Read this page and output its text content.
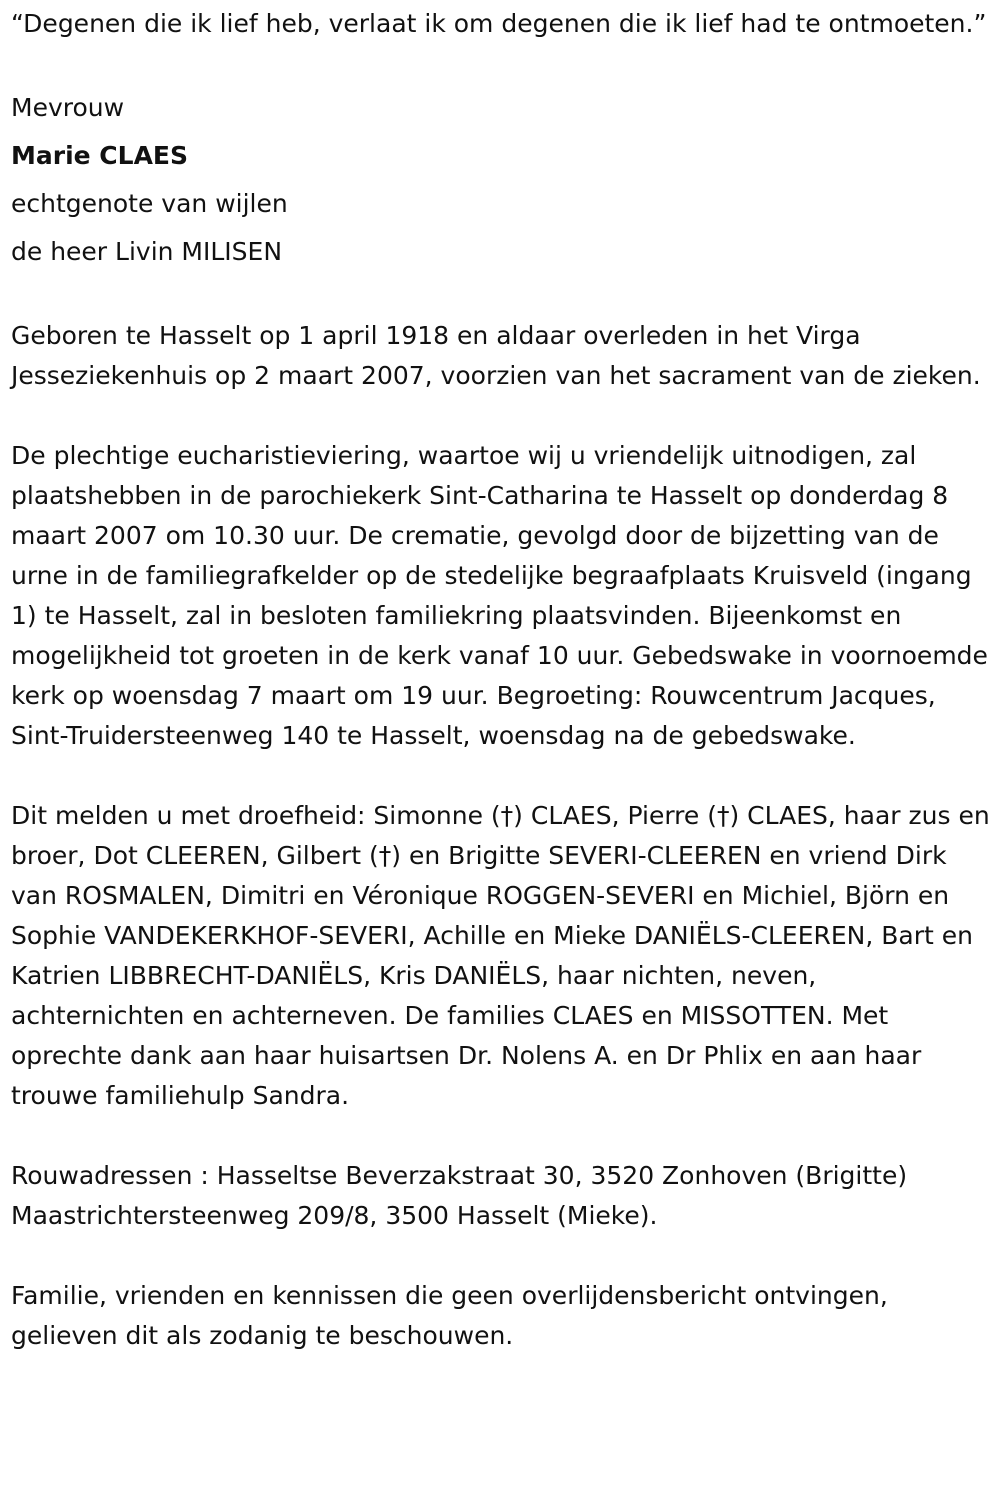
“Degenen die ik lief heb, verlaat ik om degenen die ik lief had te ontmoeten.”

Mevrouw
Marie CLAES
echtgenote van wijlen
de heer Livin MILISEN

Geboren te Hasselt op 1 april 1918 en aldaar overleden in het Virga Jesseziekenhuis op 2 maart 2007, voorzien van het sacrament van de zieken.

De plechtige eucharistieviering, waartoe wij u vriendelijk uitnodigen, zal plaatshebben in de parochiekerk Sint-Catharina te Hasselt op donderdag 8 maart 2007 om 10.30 uur. De crematie, gevolgd door de bijzetting van de urne in de familiegrafkelder op de stedelijke begraafplaats Kruisveld (ingang 1) te Hasselt, zal in besloten familiekring plaatsvinden. Bijeenkomst en mogelijkheid tot groeten in de kerk vanaf 10 uur. Gebedswake in voornoemde kerk op woensdag 7 maart om 19 uur. Begroeting: Rouwcentrum Jacques, Sint-Truidersteenweg 140 te Hasselt, woensdag na de gebedswake.

Dit melden u met droefheid: Simonne (†) CLAES, Pierre (†) CLAES, haar zus en broer, Dot CLEEREN, Gilbert (†) en Brigitte SEVERI-CLEEREN en vriend Dirk van ROSMALEN, Dimitri en Véronique ROGGEN-SEVERI en Michiel, Björn en Sophie VANDEKERKHOF-SEVERI, Achille en Mieke DANIËLS-CLEEREN, Bart en Katrien LIBBRECHT-DANIËLS, Kris DANIËLS, haar nichten, neven, achternichten en achterneven. De families CLAES en MISSOTTEN. Met oprechte dank aan haar huisartsen Dr. Nolens A. en Dr Phlix en aan haar trouwe familiehulp Sandra.

Rouwadressen : Hasseltse Beverzakstraat 30, 3520 Zonhoven (Brigitte) Maastrichtersteenweg 209/8, 3500 Hasselt (Mieke).

Familie, vrienden en kennissen die geen overlijdensbericht ontvingen, gelieven dit als zodanig te beschouwen.
